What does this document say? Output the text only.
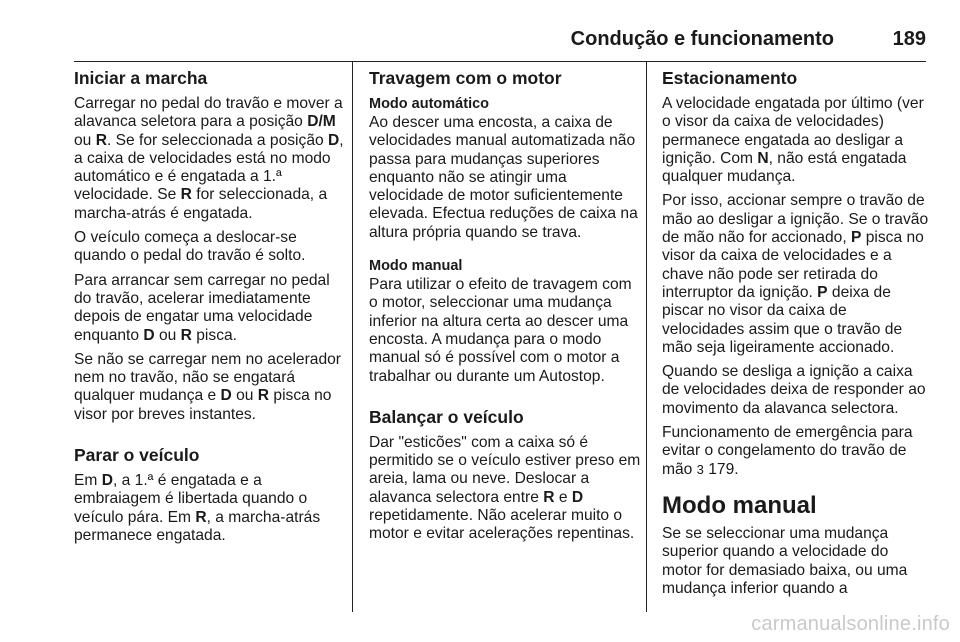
Condução e funcionamento	189
Iniciar a marcha

Carregar no pedal do travão e mover a alavanca seletora para a posição D/M ou R. Se for seleccionada a posição D, a caixa de velocidades está no modo automático e é engatada a 1.ª velocidade. Se R for seleccionada, a marcha-atrás é engatada.

O veículo começa a deslocar-se quando o pedal do travão é solto.

Para arrancar sem carregar no pedal do travão, acelerar imediatamente depois de engatar uma velocidade enquanto D ou R pisca.

Se não se carregar nem no acelerador nem no travão, não se engatará qualquer mudança e D ou R pisca no visor por breves instantes.

Parar o veículo

Em D, a 1.ª é engatada e a embraiagem é libertada quando o veículo pára. Em R, a marcha-atrás permanece engatada.

Travagem com o motor
Modo automático

Ao descer uma encosta, a caixa de velocidades manual automatizada não passa para mudanças superiores enquanto não se atingir uma velocidade de motor suficientemente elevada. Efectua reduções de caixa na altura própria quando se trava.

Modo manual

Para utilizar o efeito de travagem com o motor, seleccionar uma mudança inferior na altura certa ao descer uma encosta. A mudança para o modo manual só é possível com o motor a trabalhar ou durante um Autostop.

Balançar o veículo

Dar "esticões" com a caixa só é permitido se o veículo estiver preso em areia, lama ou neve. Deslocar a alavanca selectora entre R e D repetidamente. Não acelerar muito o motor e evitar acelerações repentinas.

Estacionamento

A velocidade engatada por último (ver o visor da caixa de velocidades) permanece engatada ao desligar a ignição. Com N, não está engatada qualquer mudança.

Por isso, accionar sempre o travão de mão ao desligar a ignição. Se o travão de mão não for accionado, P pisca no visor da caixa de velocidades e a chave não pode ser retirada do interruptor da ignição. P deixa de piscar no visor da caixa de velocidades assim que o travão de mão seja ligeiramente accionado.

Quando se desliga a ignição a caixa de velocidades deixa de responder ao movimento da alavanca selectora.

Funcionamento de emergência para evitar o congelamento do travão de mão 3 179.

Modo manual

Se se seleccionar uma mudança superior quando a velocidade do motor for demasiado baixa, ou uma mudança inferior quando a

carmanualsonline.info
